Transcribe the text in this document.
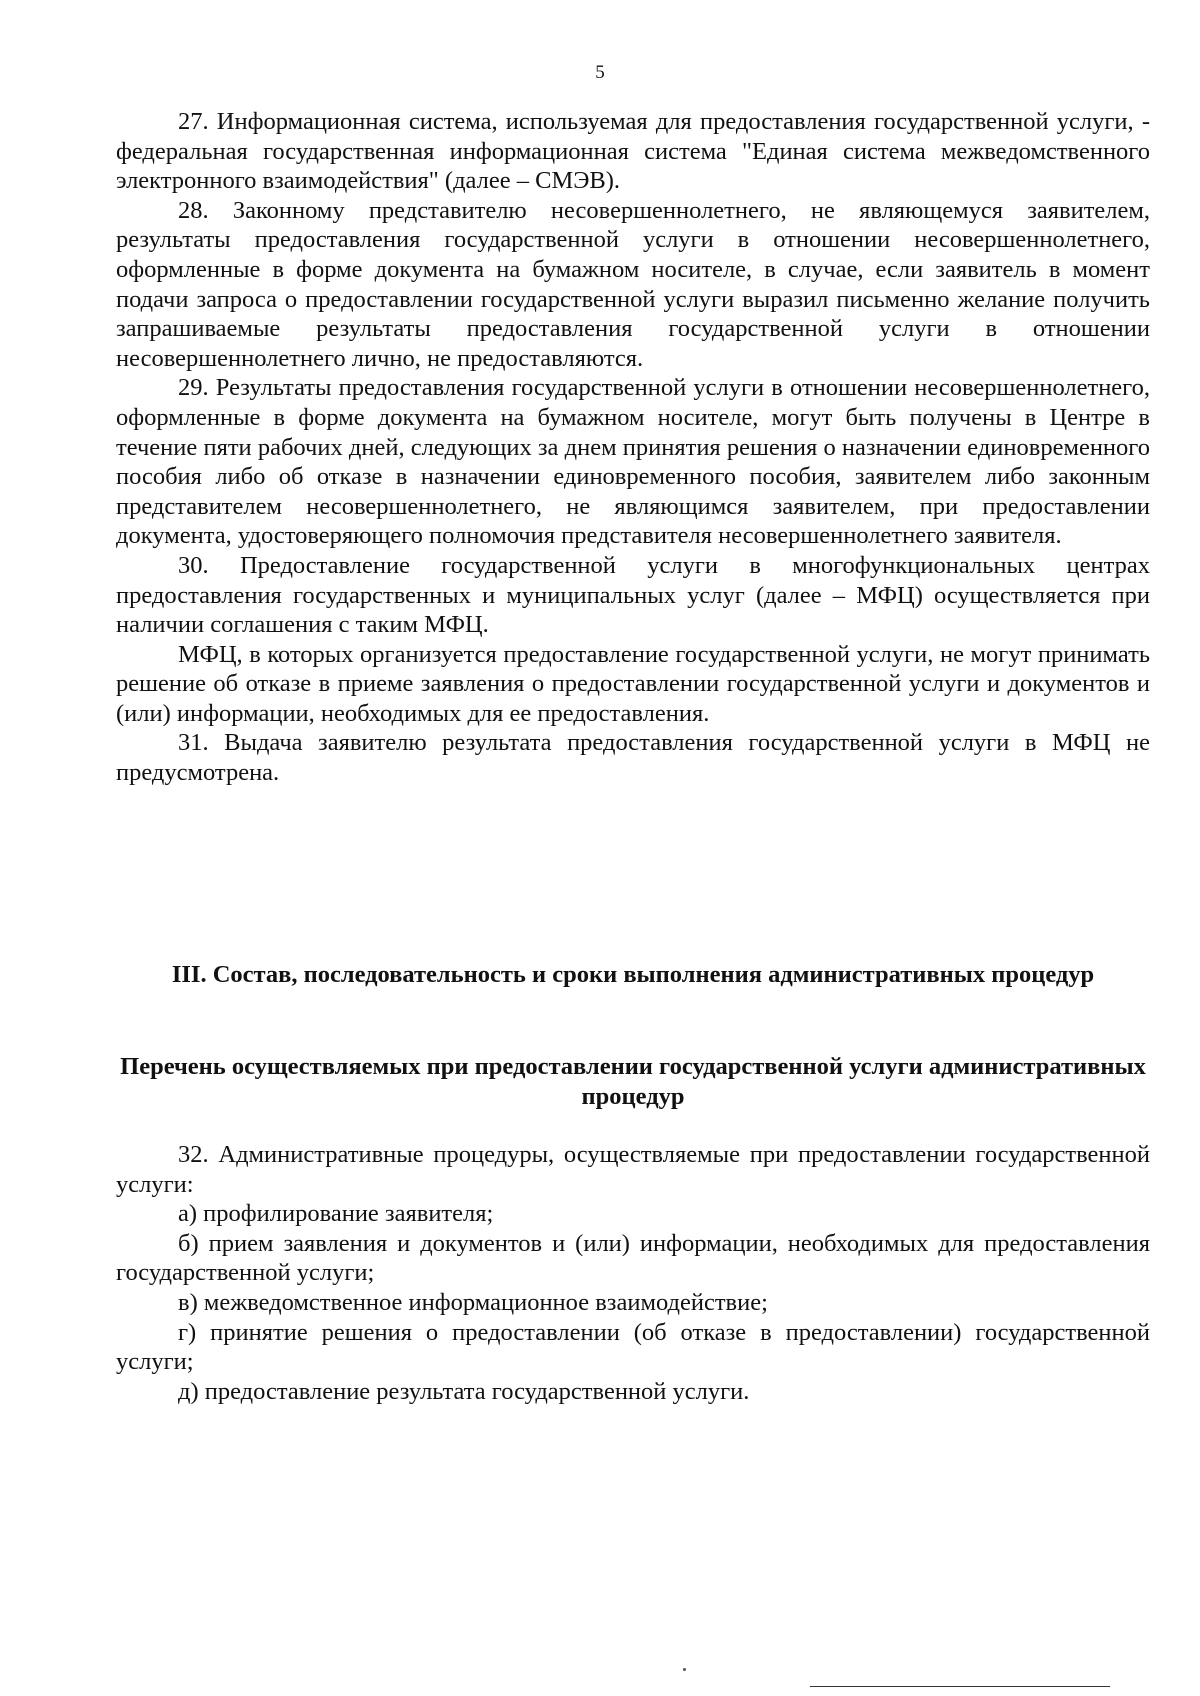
5

27. Информационная система, используемая для предоставления государственной услуги, - федеральная государственная информационная система "Единая система межведомственного электронного взаимодействия" (далее – СМЭВ).

28. Законному представителю несовершеннолетнего, не являющемуся заявителем, результаты предоставления государственной услуги в отношении несовершеннолетнего, оформленные в форме документа на бумажном носителе, в случае, если заявитель в момент подачи запроса о предоставлении государственной услуги выразил письменно желание получить запрашиваемые результаты предоставления государственной услуги в отношении несовершеннолетнего лично, не предоставляются.

29. Результаты предоставления государственной услуги в отношении несовершеннолетнего, оформленные в форме документа на бумажном носителе, могут быть получены в Центре в течение пяти рабочих дней, следующих за днем принятия решения о назначении единовременного пособия либо об отказе в назначении единовременного пособия, заявителем либо законным представителем несовершеннолетнего, не являющимся заявителем, при предоставлении документа, удостоверяющего полномочия представителя несовершеннолетнего заявителя.

30. Предоставление государственной услуги в многофункциональных центрах предоставления государственных и муниципальных услуг (далее – МФЦ) осуществляется при наличии соглашения с таким МФЦ.

МФЦ, в которых организуется предоставление государственной услуги, не могут принимать решение об отказе в приеме заявления о предоставлении государственной услуги и документов и (или) информации, необходимых для ее предоставления.

31. Выдача заявителю результата предоставления государственной услуги в МФЦ не предусмотрена.

III. Состав, последовательность и сроки выполнения административных процедур
Перечень осуществляемых при предоставлении государственной услуги административных процедур

32. Административные процедуры, осуществляемые при предоставлении государственной услуги:

а) профилирование заявителя;

б) прием заявления и документов и (или) информации, необходимых для предоставления государственной услуги;

в) межведомственное информационное взаимодействие;

г) принятие решения о предоставлении (об отказе в предоставлении) государственной услуги;

д) предоставление результата государственной услуги.
